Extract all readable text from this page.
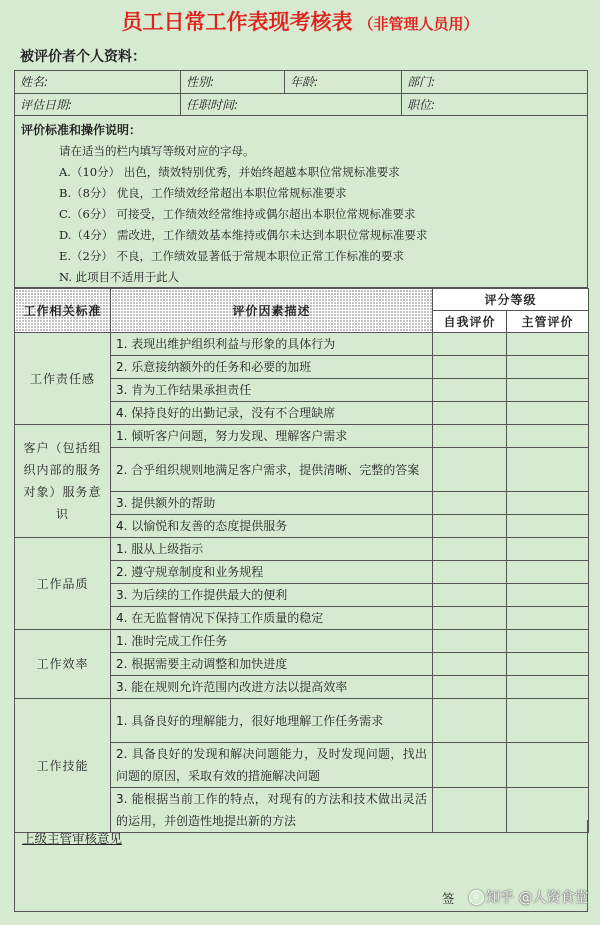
员工日常工作表现考核表 （非管理人员用）
被评价者个人资料：
姓名:	性别:	年龄:	部门:
评估日期:	任职时间:	职位:
评价标准和操作说明：
请在适当的栏内填写等级对应的字母。
A.（10分） 出色，绩效特别优秀，并始终超越本职位常规标准要求
B.（8分） 优良，工作绩效经常超出本职位常规标准要求
C.（6分） 可接受，工作绩效经常维持或偶尔超出本职位常规标准要求
D.（4分） 需改进，工作绩效基本维持或偶尔未达到本职位常规标准要求
E.（2分） 不良，工作绩效显著低于常规本职位正常工作标准的要求
N. 此项目不适用于此人
工作相关标准	评价因素描述	评分等级	
		自我评价	主管评价
工作责任感	1. 表现出维护组织利益与形象的具体行为		
	2. 乐意接纳额外的任务和必要的加班		
	3. 肯为工作结果承担责任		
	4. 保持良好的出勤记录，没有不合理缺席		
客户（包括组织内部的服务对象）服务意识	1. 倾听客户问题，努力发现、理解客户需求		
	2. 合乎组织规则地满足客户需求，提供清晰、完整的答案		
	3. 提供额外的帮助		
	4. 以愉悦和友善的态度提供服务		
工作品质	1. 服从上级指示		
	2. 遵守规章制度和业务规程		
	3. 为后续的工作提供最大的便利		
	4. 在无监督情况下保持工作质量的稳定		
工作效率	1. 准时完成工作任务		
	2. 根据需要主动调整和加快进度		
	3. 能在规则允许范围内改进方法以提高效率		
工作技能	1. 具备良好的理解能力，很好地理解工作任务需求		
	2. 具备良好的发现和解决问题能力，及时发现问题，找出问题的原因，采取有效的措施解决问题		
	3. 能根据当前工作的特点，对现有的方法和技术做出灵活的运用，并创造性地提出新的方法		
上级主管审核意见
签	知乎 @人资食堂
